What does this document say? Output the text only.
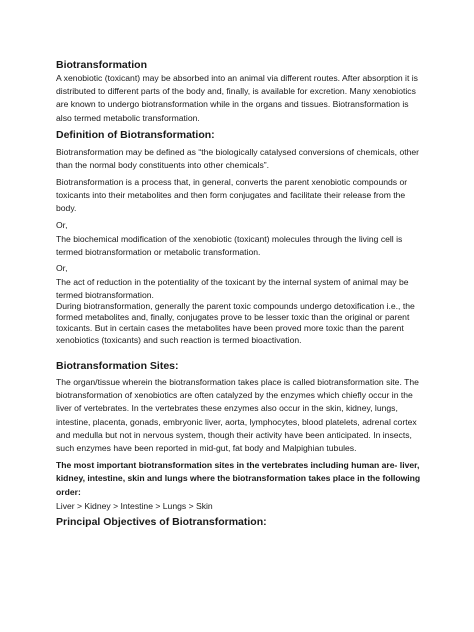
Biotransformation
A xenobiotic (toxicant) may be absorbed into an animal via different routes. After absorption it is
distributed to different parts of the body and, finally, is available for excretion. Many xenobiotics
are known to undergo biotransformation while in the organs and tissues. Biotransformation is
also termed metabolic transformation.
Definition of Biotransformation:
Biotransformation may be defined as “the biologically catalysed conversions of chemicals, other
than the normal body constituents into other chemicals”.
Biotransformation is a process that, in general, converts the parent xenobiotic compounds or
toxicants into their metabolites and then form conjugates and facilitate their release from the
body.
Or,
The biochemical modification of the xenobiotic (toxicant) molecules through the living cell is
termed biotransformation or metabolic transformation.
Or,
The act of reduction in the potentiality of the toxicant by the internal system of animal may be
termed biotransformation.
During biotransformation, generally the parent toxic compounds undergo detoxification i.e., the
formed metabolites and, finally, conjugates prove to be lesser toxic than the original or parent
toxicants. But in certain cases the metabolites have been proved more toxic than the parent
xenobiotics (toxicants) and such reaction is termed bioactivation.
Biotransformation Sites:
The organ/tissue wherein the biotransformation takes place is called biotransformation site. The
biotransformation of xenobiotics are often catalyzed by the enzymes which chiefly occur in the
liver of vertebrates. In the vertebrates these enzymes also occur in the skin, kidney, lungs,
intestine, placenta, gonads, embryonic liver, aorta, lymphocytes, blood platelets, adrenal cortex
and medulla but not in nervous system, though their activity have been anticipated. In insects,
such enzymes have been reported in mid-gut, fat body and Malpighian tubules.
The most important biotransformation sites in the vertebrates including human are- liver,
kidney, intestine, skin and lungs where the biotransformation takes place in the following
order:
Liver > Kidney > Intestine > Lungs > Skin
Principal Objectives of Biotransformation:
